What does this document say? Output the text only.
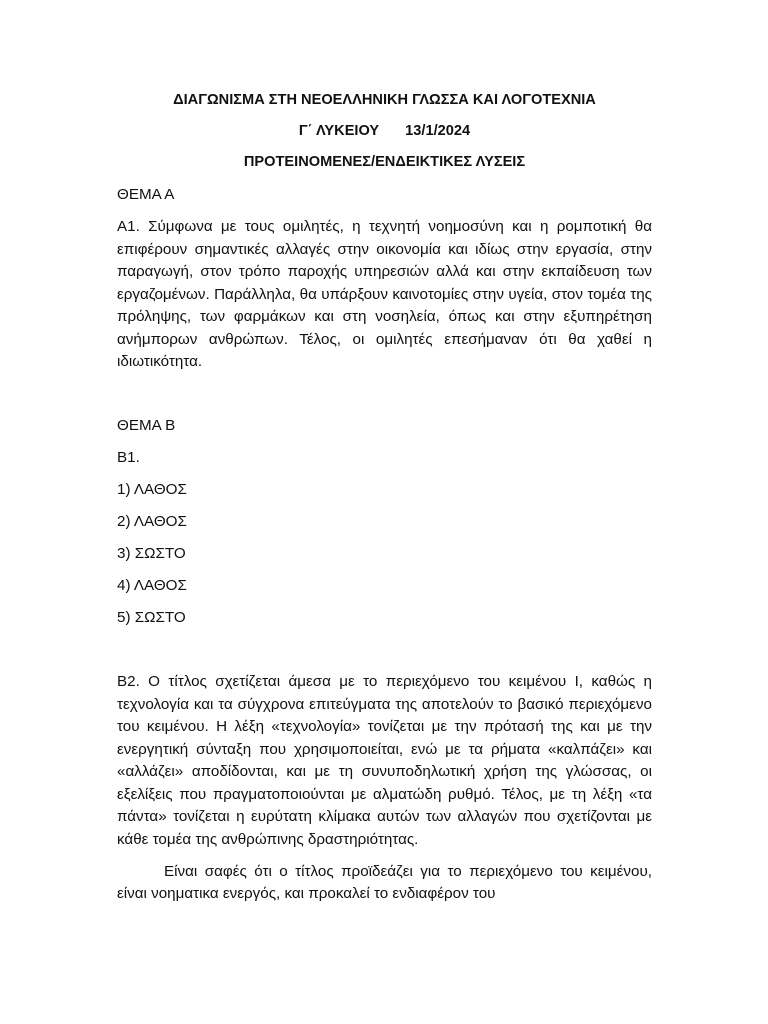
ΔΙΑΓΩΝΙΣΜΑ ΣΤΗ ΝΕΟΕΛΛΗΝΙΚΗ ΓΛΩΣΣΑ ΚΑΙ ΛΟΓΟΤΕΧΝΙΑ
Γ΄ ΛΥΚΕΙΟΥ 13/1/2024
ΠΡΟΤΕΙΝΟΜΕΝΕΣ/ΕΝΔΕΙΚΤΙΚΕΣ ΛΥΣΕΙΣ
ΘΕΜΑ Α
Α1. Σύμφωνα με τους ομιλητές, η τεχνητή νοημοσύνη και η ρομποτική θα επιφέρουν σημαντικές αλλαγές στην οικονομία και ιδίως στην εργασία, στην παραγωγή, στον τρόπο παροχής υπηρεσιών αλλά και στην εκπαίδευση των εργαζομένων. Παράλληλα, θα υπάρξουν καινοτομίες στην υγεία, στον τομέα της πρόληψης, των φαρμάκων και στη νοσηλεία, όπως και στην εξυπηρέτηση ανήμπορων ανθρώπων. Τέλος, οι ομιλητές επεσήμαναν ότι θα χαθεί η ιδιωτικότητα.
ΘΕΜΑ Β
Β1.
1) ΛΑΘΟΣ
2) ΛΑΘΟΣ
3) ΣΩΣΤΟ
4) ΛΑΘΟΣ
5) ΣΩΣΤΟ
Β2. Ο τίτλος σχετίζεται άμεσα με το περιεχόμενο του κειμένου Ι, καθώς η τεχνολογία και τα σύγχρονα επιτεύγματα της αποτελούν το βασικό περιεχόμενο του κειμένου. Η λέξη «τεχνολογία» τονίζεται με την πρότασή της και με την ενεργητική σύνταξη που χρησιμοποιείται, ενώ με τα ρήματα «καλπάζει» και «αλλάζει» αποδίδονται, και με τη συνυποδηλωτική χρήση της γλώσσας, οι εξελίξεις που πραγματοποιούνται με αλματώδη ρυθμό. Τέλος, με τη λέξη «τα πάντα» τονίζεται η ευρύτατη κλίμακα αυτών των αλλαγών που σχετίζονται με κάθε τομέα της ανθρώπινης δραστηριότητας.
Είναι σαφές ότι ο τίτλος προϊδεάζει για το περιεχόμενο του κειμένου, είναι νοηματικα ενεργός, και προκαλεί το ενδιαφέρον του
